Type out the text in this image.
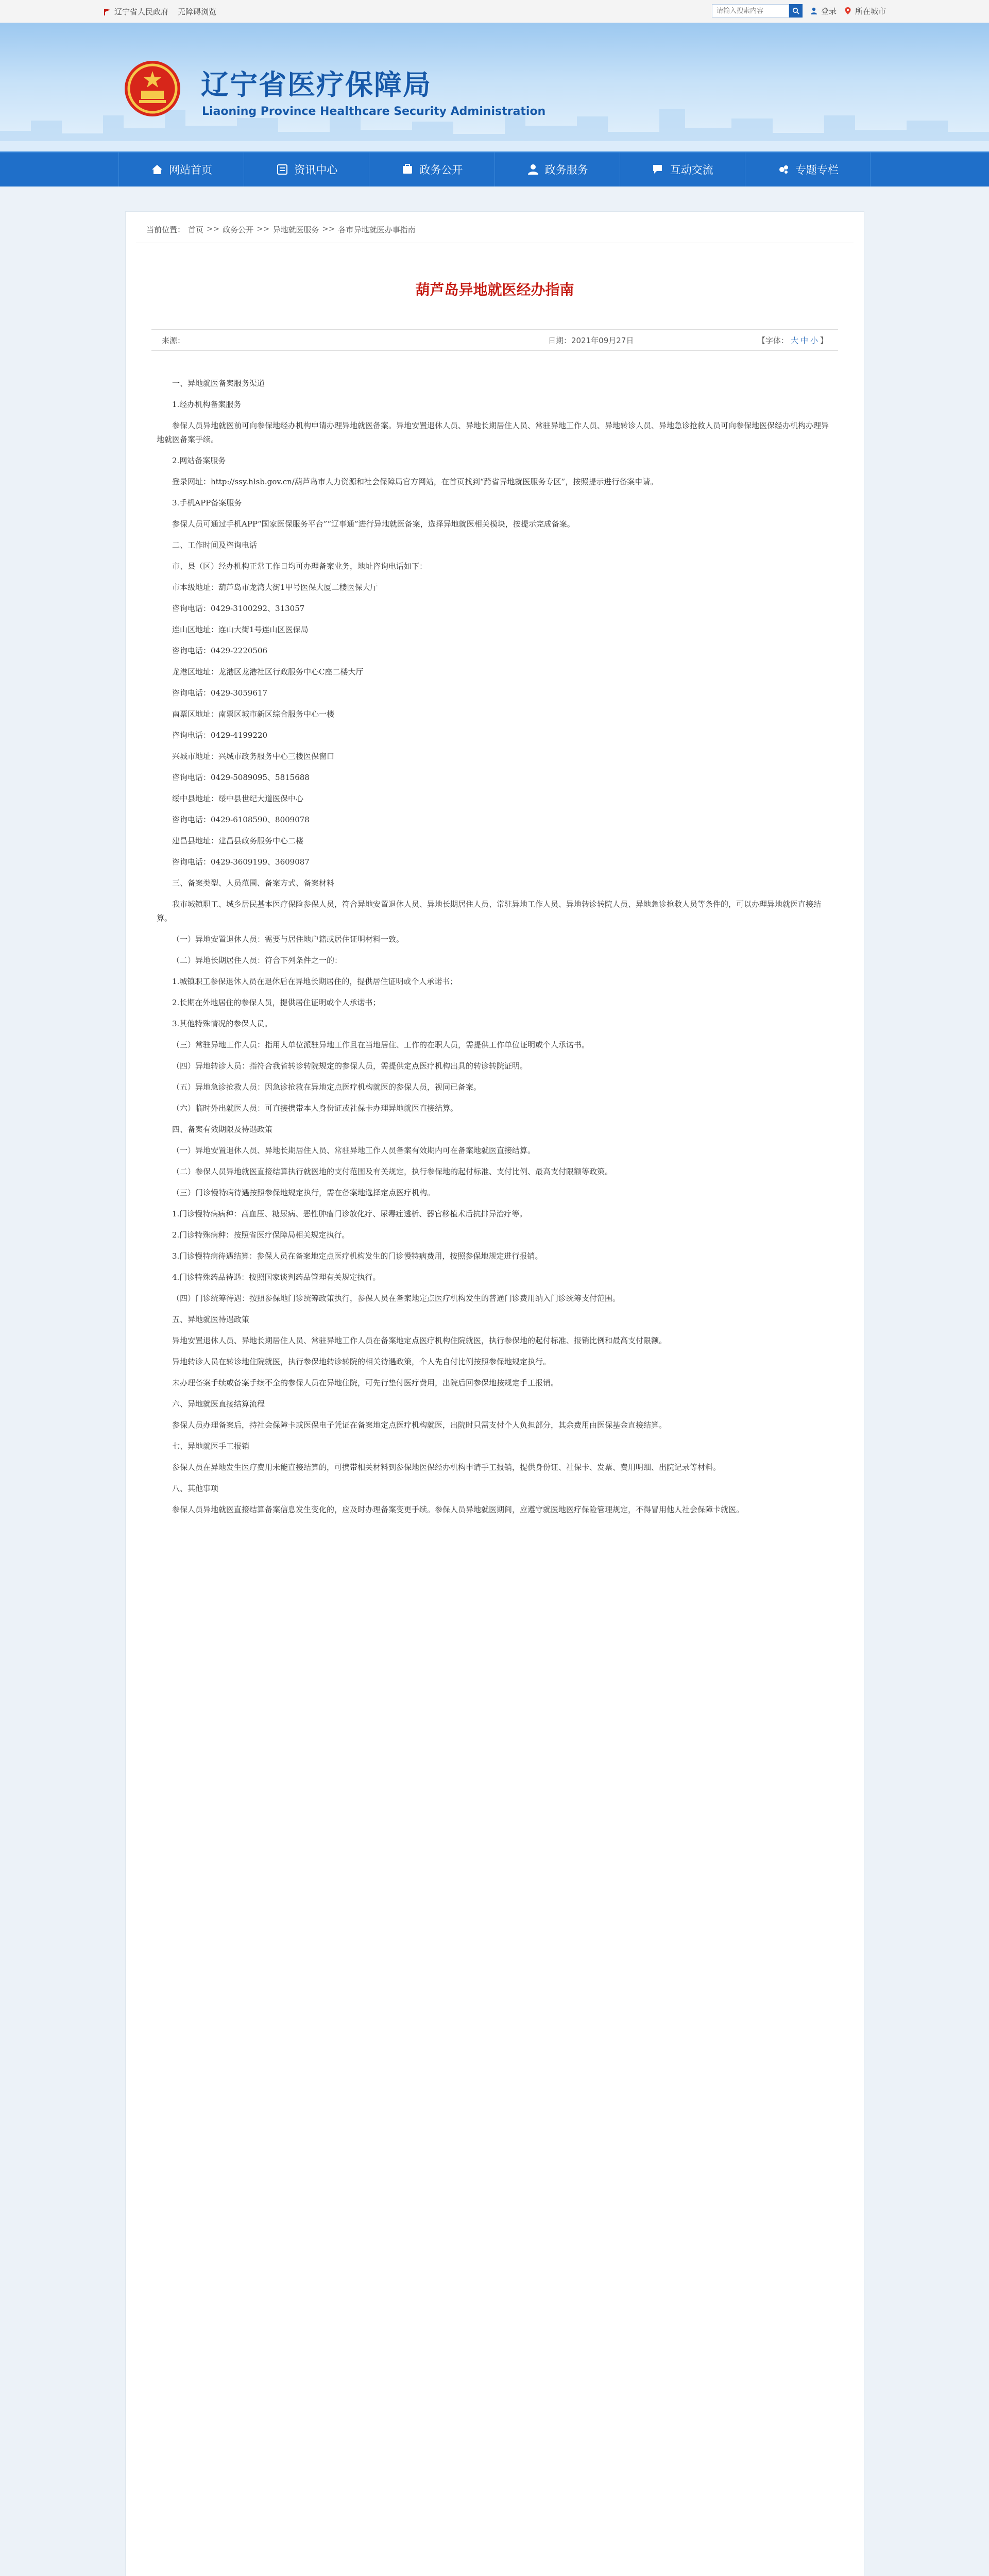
辽宁省人民政府 无障碍浏览
请输入搜索内容	登录 所在城市
辽宁省医疗保障局
Liaoning Province Healthcare Security Administration
网站首页	资讯中心	政务公开	政务服务	互动交流	专题专栏
当前位置： 首页 >> 政务公开 >> 异地就医服务 >> 各市异地就医办事指南
葫芦岛异地就医经办指南
来源：	日期：2021年09月27日	【字体： 大 中 小 】

一、异地就医备案服务渠道

1.经办机构备案服务

参保人员异地就医前可向参保地经办机构申请办理异地就医备案。异地安置退休人员、异地长期居住人员、常驻异地工作人员、异地转诊人员、异地急诊抢救人员可向参保地医保经办机构办理异地就医备案手续。

2.网站备案服务

登录网址：http://ssy.hlsb.gov.cn/葫芦岛市人力资源和社会保障局官方网站，在首页找到“跨省异地就医服务专区”，按照提示进行备案申请。

3.手机APP备案服务

参保人员可通过手机APP“国家医保服务平台”“辽事通”进行异地就医备案，选择异地就医相关模块，按提示完成备案。

二、工作时间及咨询电话

市、县（区）经办机构正常工作日均可办理备案业务，地址咨询电话如下：

市本级地址：葫芦岛市龙湾大街1甲号医保大厦二楼医保大厅

咨询电话：0429-3100292、313057

连山区地址：连山大街1号连山区医保局

咨询电话：0429-2220506

龙港区地址：龙港区龙港社区行政服务中心C座二楼大厅

咨询电话：0429-3059617

南票区地址：南票区城市新区综合服务中心一楼

咨询电话：0429-4199220

兴城市地址：兴城市政务服务中心三楼医保窗口

咨询电话：0429-5089095、5815688

绥中县地址：绥中县世纪大道医保中心

咨询电话：0429-6108590、8009078

建昌县地址：建昌县政务服务中心二楼

咨询电话：0429-3609199、3609087

三、备案类型、人员范围、备案方式、备案材料

我市城镇职工、城乡居民基本医疗保险参保人员，符合异地安置退休人员、异地长期居住人员、常驻异地工作人员、异地转诊转院人员、异地急诊抢救人员等条件的，可以办理异地就医直接结算。

（一）异地安置退休人员：需要与居住地户籍或居住证明材料一致。

（二）异地长期居住人员：符合下列条件之一的：

1.城镇职工参保退休人员在退休后在异地长期居住的，提供居住证明或个人承诺书；

2.长期在外地居住的参保人员，提供居住证明或个人承诺书；

3.其他特殊情况的参保人员。

（三）常驻异地工作人员：指用人单位派驻异地工作且在当地居住、工作的在职人员，需提供工作单位证明或个人承诺书。

（四）异地转诊人员：指符合我省转诊转院规定的参保人员，需提供定点医疗机构出具的转诊转院证明。

（五）异地急诊抢救人员：因急诊抢救在异地定点医疗机构就医的参保人员，视同已备案。

（六）临时外出就医人员：可直接携带本人身份证或社保卡办理异地就医直接结算。

四、备案有效期限及待遇政策

（一）异地安置退休人员、异地长期居住人员、常驻异地工作人员备案有效期内可在备案地就医直接结算。

（二）参保人员异地就医直接结算执行就医地的支付范围及有关规定，执行参保地的起付标准、支付比例、最高支付限额等政策。

（三）门诊慢特病待遇按照参保地规定执行，需在备案地选择定点医疗机构。

1.门诊慢特病病种：高血压、糖尿病、恶性肿瘤门诊放化疗、尿毒症透析、器官移植术后抗排异治疗等。

2.门诊特殊病种：按照省医疗保障局相关规定执行。

3.门诊慢特病待遇结算：参保人员在备案地定点医疗机构发生的门诊慢特病费用，按照参保地规定进行报销。

4.门诊特殊药品待遇：按照国家谈判药品管理有关规定执行。

（四）门诊统筹待遇：按照参保地门诊统筹政策执行，参保人员在备案地定点医疗机构发生的普通门诊费用纳入门诊统筹支付范围。

五、异地就医待遇政策

异地安置退休人员、异地长期居住人员、常驻异地工作人员在备案地定点医疗机构住院就医，执行参保地的起付标准、报销比例和最高支付限额。

异地转诊人员在转诊地住院就医，执行参保地转诊转院的相关待遇政策，个人先自付比例按照参保地规定执行。

未办理备案手续或备案手续不全的参保人员在异地住院，可先行垫付医疗费用，出院后回参保地按规定手工报销。

六、异地就医直接结算流程

参保人员办理备案后，持社会保障卡或医保电子凭证在备案地定点医疗机构就医，出院时只需支付个人负担部分，其余费用由医保基金直接结算。

七、异地就医手工报销

参保人员在异地发生医疗费用未能直接结算的，可携带相关材料到参保地医保经办机构申请手工报销，提供身份证、社保卡、发票、费用明细、出院记录等材料。

八、其他事项

参保人员异地就医直接结算备案信息发生变化的，应及时办理备案变更手续。参保人员异地就医期间，应遵守就医地医疗保险管理规定，不得冒用他人社会保障卡就医。
